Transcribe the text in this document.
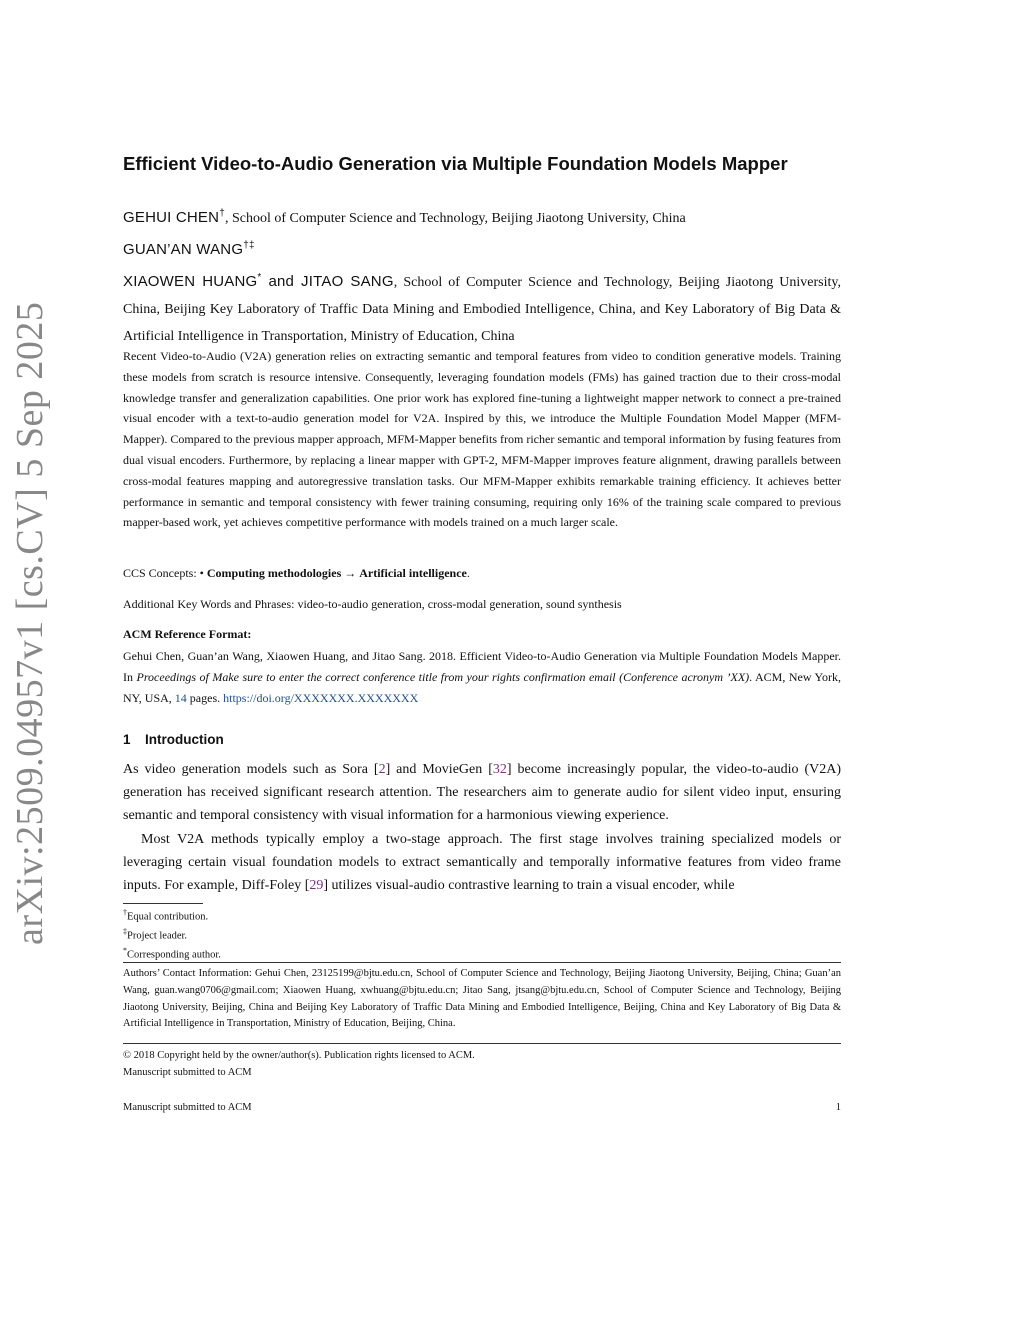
arXiv:2509.04957v1 [cs.CV] 5 Sep 2025
Efficient Video-to-Audio Generation via Multiple Foundation Models Mapper
GEHUI CHEN†, School of Computer Science and Technology, Beijing Jiaotong University, China
GUAN’AN WANG†‡
XIAOWEN HUANG* and JITAO SANG, School of Computer Science and Technology, Beijing Jiaotong University, China, Beijing Key Laboratory of Traffic Data Mining and Embodied Intelligence, China, and Key Laboratory of Big Data & Artificial Intelligence in Transportation, Ministry of Education, China
Recent Video-to-Audio (V2A) generation relies on extracting semantic and temporal features from video to condition generative models. Training these models from scratch is resource intensive. Consequently, leveraging foundation models (FMs) has gained traction due to their cross-modal knowledge transfer and generalization capabilities. One prior work has explored fine-tuning a lightweight mapper network to connect a pre-trained visual encoder with a text-to-audio generation model for V2A. Inspired by this, we introduce the Multiple Foundation Model Mapper (MFM-Mapper). Compared to the previous mapper approach, MFM-Mapper benefits from richer semantic and temporal information by fusing features from dual visual encoders. Furthermore, by replacing a linear mapper with GPT-2, MFM-Mapper improves feature alignment, drawing parallels between cross-modal features mapping and autoregressive translation tasks. Our MFM-Mapper exhibits remarkable training efficiency. It achieves better performance in semantic and temporal consistency with fewer training consuming, requiring only 16% of the training scale compared to previous mapper-based work, yet achieves competitive performance with models trained on a much larger scale.
CCS Concepts: • Computing methodologies → Artificial intelligence.
Additional Key Words and Phrases: video-to-audio generation, cross-modal generation, sound synthesis
ACM Reference Format:
Gehui Chen, Guan’an Wang, Xiaowen Huang, and Jitao Sang. 2018. Efficient Video-to-Audio Generation via Multiple Foundation Models Mapper. In Proceedings of Make sure to enter the correct conference title from your rights confirmation email (Conference acronym ’XX). ACM, New York, NY, USA, 14 pages. https://doi.org/XXXXXXX.XXXXXXX
1 Introduction

As video generation models such as Sora [2] and MovieGen [32] become increasingly popular, the video-to-audio (V2A) generation has received significant research attention. The researchers aim to generate audio for silent video input, ensuring semantic and temporal consistency with visual information for a harmonious viewing experience.

Most V2A methods typically employ a two-stage approach. The first stage involves training specialized models or leveraging certain visual foundation models to extract semantically and temporally informative features from video frame inputs. For example, Diff-Foley [29] utilizes visual-audio contrastive learning to train a visual encoder, while

†Equal contribution.
‡Project leader.
*Corresponding author.
Authors’ Contact Information: Gehui Chen, 23125199@bjtu.edu.cn, School of Computer Science and Technology, Beijing Jiaotong University, Beijing, China; Guan’an Wang, guan.wang0706@gmail.com; Xiaowen Huang, xwhuang@bjtu.edu.cn; Jitao Sang, jtsang@bjtu.edu.cn, School of Computer Science and Technology, Beijing Jiaotong University, Beijing, China and Beijing Key Laboratory of Traffic Data Mining and Embodied Intelligence, Beijing, China and Key Laboratory of Big Data & Artificial Intelligence in Transportation, Ministry of Education, Beijing, China.
© 2018 Copyright held by the owner/author(s). Publication rights licensed to ACM.
Manuscript submitted to ACM
Manuscript submitted to ACM	1
